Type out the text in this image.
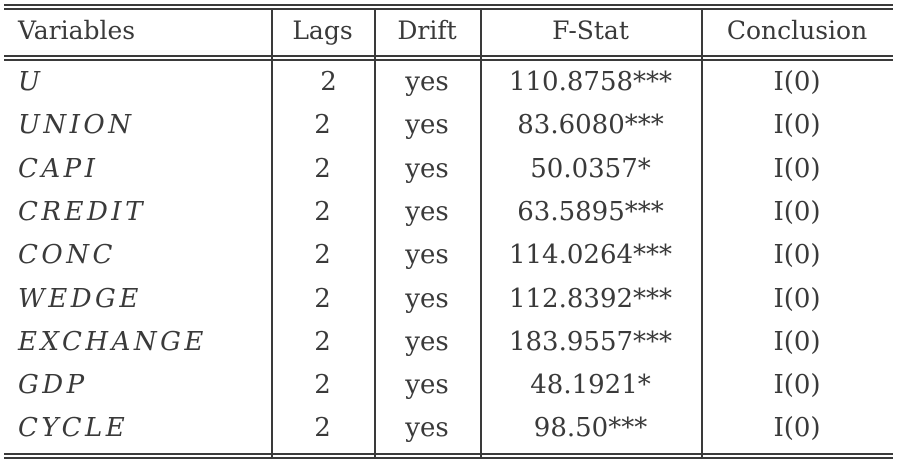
Variables	Lags	Drift	F-Stat	Conclusion
U	2	yes	110.8758***	I(0)
UNION	2	yes	83.6080***	I(0)
CAPI	2	yes	50.0357*	I(0)
CREDIT	2	yes	63.5895***	I(0)
CONC	2	yes	114.0264***	I(0)
WEDGE	2	yes	112.8392***	I(0)
EXCHANGE	2	yes	183.9557***	I(0)
GDP	2	yes	48.1921*	I(0)
CYCLE	2	yes	98.50***	I(0)
